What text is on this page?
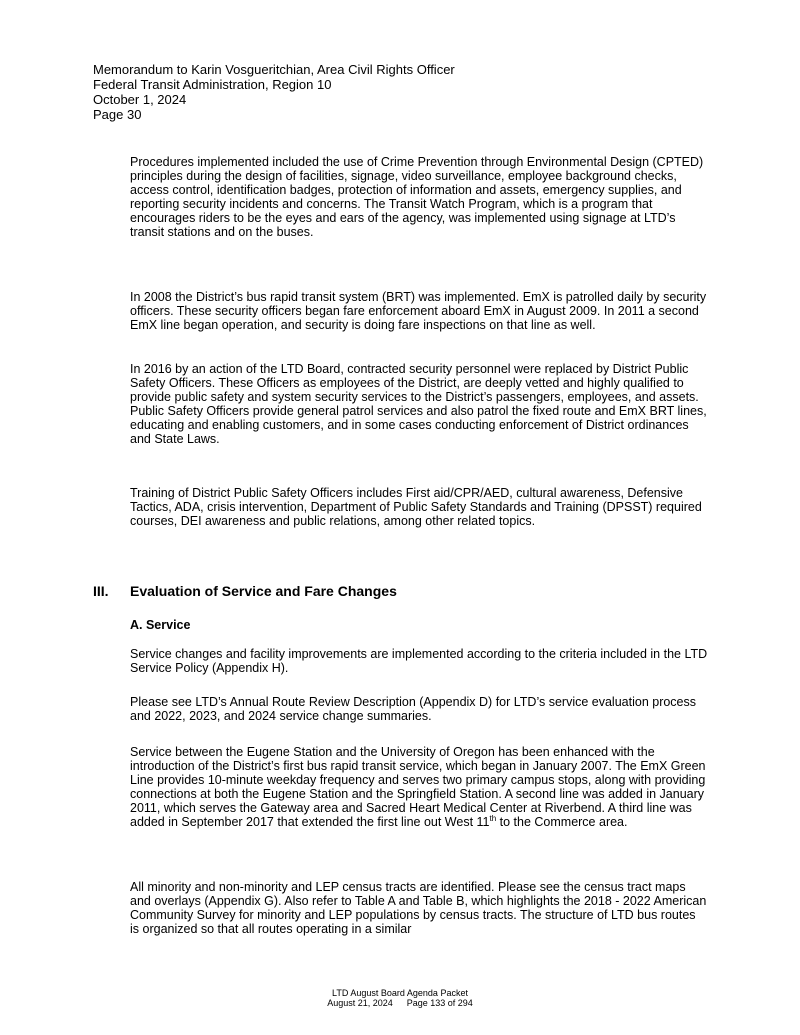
Memorandum to Karin Vosgueritchian, Area Civil Rights Officer
Federal Transit Administration, Region 10
October 1, 2024
Page 30

Procedures implemented included the use of Crime Prevention through Environmental Design (CPTED) principles during the design of facilities, signage, video surveillance, employee background checks, access control, identification badges, protection of information and assets, emergency supplies, and reporting security incidents and concerns. The Transit Watch Program, which is a program that encourages riders to be the eyes and ears of the agency, was implemented using signage at LTD’s transit stations and on the buses.

In 2008 the District’s bus rapid transit system (BRT) was implemented. EmX is patrolled daily by security officers. These security officers began fare enforcement aboard EmX in August 2009. In 2011 a second EmX line began operation, and security is doing fare inspections on that line as well.

In 2016 by an action of the LTD Board, contracted security personnel were replaced by District Public Safety Officers. These Officers as employees of the District, are deeply vetted and highly qualified to provide public safety and system security services to the District’s passengers, employees, and assets. Public Safety Officers provide general patrol services and also patrol the fixed route and EmX BRT lines, educating and enabling customers, and in some cases conducting enforcement of District ordinances and State Laws.

Training of District Public Safety Officers includes First aid/CPR/AED, cultural awareness, Defensive Tactics, ADA, crisis intervention, Department of Public Safety Standards and Training (DPSST) required courses, DEI awareness and public relations, among other related topics.

III. Evaluation of Service and Fare Changes
A. Service

Service changes and facility improvements are implemented according to the criteria included in the LTD Service Policy (Appendix H).

Please see LTD’s Annual Route Review Description (Appendix D) for LTD’s service evaluation process and 2022, 2023, and 2024 service change summaries.

Service between the Eugene Station and the University of Oregon has been enhanced with the introduction of the District’s first bus rapid transit service, which began in January 2007. The EmX Green Line provides 10-minute weekday frequency and serves two primary campus stops, along with providing connections at both the Eugene Station and the Springfield Station. A second line was added in January 2011, which serves the Gateway area and Sacred Heart Medical Center at Riverbend. A third line was added in September 2017 that extended the first line out West 11th to the Commerce area.

All minority and non-minority and LEP census tracts are identified. Please see the census tract maps and overlays (Appendix G). Also refer to Table A and Table B, which highlights the 2018 - 2022 American Community Survey for minority and LEP populations by census tracts. The structure of LTD bus routes is organized so that all routes operating in a similar

LTD August Board Agenda Packet
August 21, 2024 Page 133 of 294
